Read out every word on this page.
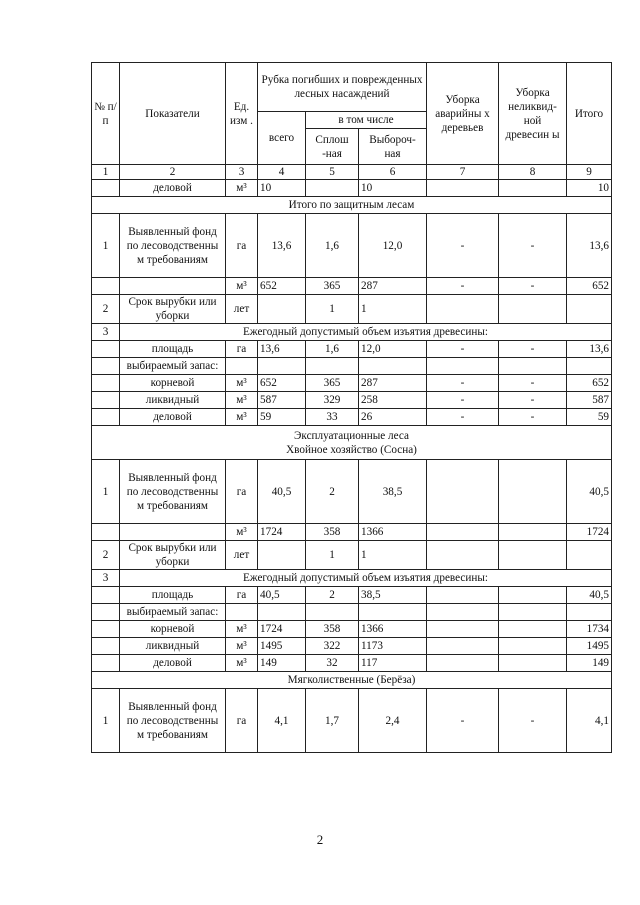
№ п/ п	Показатели	Ед. изм .	Рубка погибших и поврежденных лесных насаждений			Уборка аварийны х деревьев	Уборка неликвид- ной древесин ы	Итого
			всего	в том числе				
				Сплош -ная	Выбороч- ная			
1	2	3	4	5	6	7	8	9
	деловой	м³	10		10			10
Итого по защитным лесам								
1	Выявленный фонд по лесоводственны м требованиям	га	13,6	1,6	12,0	-	-	13,6
		м³	652	365	287	-	-	652
2	Срок вырубки или уборки	лет		1	1			
3	Ежегодный допустимый объем изъятия древесины:							
	площадь	га	13,6	1,6	12,0	-	-	13,6
	выбираемый запас:							
	корневой	м³	652	365	287	-	-	652
	ликвидный	м³	587	329	258	-	-	587
	деловой	м³	59	33	26	-	-	59

Эксплуатационные леса
Хвойное хозяйство (Сосна)								

1	Выявленный фонд по лесоводственны м требованиям	га	40,5	2	38,5			40,5
		м³	1724	358	1366			1724
2	Срок вырубки или уборки	лет		1	1			
3	Ежегодный допустимый объем изъятия древесины:							
	площадь	га	40,5	2	38,5			40,5
	выбираемый запас:							
	корневой	м³	1724	358	1366			1734
	ликвидный	м³	1495	322	1173			1495
	деловой	м³	149	32	117			149
Мягколиственные (Берёза)								
1	Выявленный фонд по лесоводственны м требованиям	га	4,1	1,7	2,4	-	-	4,1
2
